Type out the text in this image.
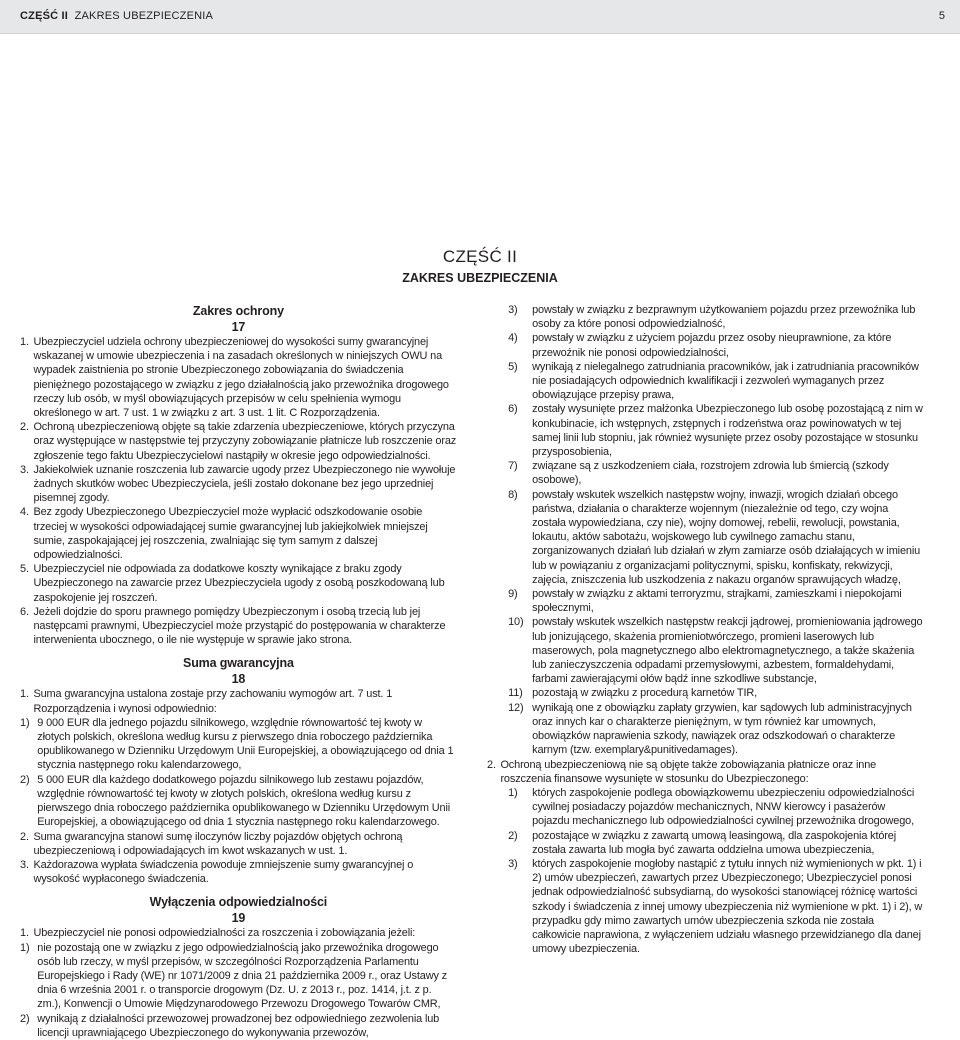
CZĘŚĆ II ZAKRES UBEZPIECZENIA	5
CZĘŚĆ II
ZAKRES UBEZPIECZENIA
Zakres ochrony
17
1. Ubezpieczyciel udziela ochrony ubezpieczeniowej do wysokości sumy gwarancyjnej wskazanej w umowie ubezpieczenia i na zasadach określonych w niniejszych OWU na wypadek zaistnienia po stronie Ubezpieczonego zobowiązania do świadczenia pieniężnego pozostającego w związku z jego działalnością jako przewoźnika drogowego rzeczy lub osób, w myśl obowiązujących przepisów w celu spełnienia wymogu określonego w art. 7 ust. 1 w związku z art. 3 ust. 1 lit. C Rozporządzenia.
2. Ochroną ubezpieczeniową objęte są takie zdarzenia ubezpieczeniowe, których przyczyna oraz występujące w następstwie tej przyczyny zobowiązanie płatnicze lub roszczenie oraz zgłoszenie tego faktu Ubezpieczycielowi nastąpiły w okresie jego odpowiedzialności.
3. Jakiekolwiek uznanie roszczenia lub zawarcie ugody przez Ubezpieczonego nie wywołuje żadnych skutków wobec Ubezpieczyciela, jeśli zostało dokonane bez jego uprzedniej pisemnej zgody.
4. Bez zgody Ubezpieczonego Ubezpieczyciel może wypłacić odszkodowanie osobie trzeciej w wysokości odpowiadającej sumie gwarancyjnej lub jakiejkolwiek mniejszej sumie, zaspokajającej jej roszczenia, zwalniając się tym samym z dalszej odpowiedzialności.
5. Ubezpieczyciel nie odpowiada za dodatkowe koszty wynikające z braku zgody Ubezpieczonego na zawarcie przez Ubezpieczyciela ugody z osobą poszkodowaną lub zaspokojenie jej roszczeń.
6. Jeżeli dojdzie do sporu prawnego pomiędzy Ubezpieczonym i osobą trzecią lub jej następcami prawnymi, Ubezpieczyciel może przystąpić do postępowania w charakterze interwenienta ubocznego, o ile nie występuje w sprawie jako strona.
Suma gwarancyjna
18
1. Suma gwarancyjna ustalona zostaje przy zachowaniu wymogów art. 7 ust. 1 Rozporządzenia i wynosi odpowiednio:
1) 9 000 EUR dla jednego pojazdu silnikowego, względnie równowartość tej kwoty w złotych polskich, określona według kursu z pierwszego dnia roboczego października opublikowanego w Dzienniku Urzędowym Unii Europejskiej, a obowiązującego od dnia 1 stycznia następnego roku kalendarzowego,
2) 5 000 EUR dla każdego dodatkowego pojazdu silnikowego lub zestawu pojazdów, względnie równowartość tej kwoty w złotych polskich, określona według kursu z pierwszego dnia roboczego października opublikowanego w Dzienniku Urzędowym Unii Europejskiej, a obowiązującego od dnia 1 stycznia następnego roku kalendarzowego.
2. Suma gwarancyjna stanowi sumę iloczynów liczby pojazdów objętych ochroną ubezpieczeniową i odpowiadających im kwot wskazanych w ust. 1.
3. Każdorazowa wypłata świadczenia powoduje zmniejszenie sumy gwarancyjnej o wysokość wypłaconego świadczenia.
Wyłączenia odpowiedzialności
19
1. Ubezpieczyciel nie ponosi odpowiedzialności za roszczenia i zobowiązania jeżeli:
1) nie pozostają one w związku z jego odpowiedzialnością jako przewoźnika drogowego osób lub rzeczy, w myśl przepisów, w szczególności Rozporządzenia Parlamentu Europejskiego i Rady (WE) nr 1071/2009 z dnia 21 października 2009 r., oraz Ustawy z dnia 6 września 2001 r. o transporcie drogowym (Dz. U. z 2013 r., poz. 1414, j.t. z p. zm.), Konwencji o Umowie Międzynarodowego Przewozu Drogowego Towarów CMR,
2) wynikają z działalności przewozowej prowadzonej bez odpowiedniego zezwolenia lub licencji uprawniającego Ubezpieczonego do wykonywania przewozów,
3)	powstały w związku z bezprawnym użytkowaniem pojazdu przez przewoźnika lub osoby za które ponosi odpowiedzialność,
4)	powstały w związku z użyciem pojazdu przez osoby nieuprawnione, za które przewoźnik nie ponosi odpowiedzialności,
5)	wynikają z nielegalnego zatrudniania pracowników, jak i zatrudniania pracowników nie posiadających odpowiednich kwalifikacji i zezwoleń wymaganych przez obowiązujące przepisy prawa,
6)	zostały wysunięte przez małżonka Ubezpieczonego lub osobę pozostającą z nim w konkubinacie, ich wstępnych, zstępnych i rodzeństwa oraz powinowatych w tej samej linii lub stopniu, jak również wysunięte przez osoby pozostające w stosunku przysposobienia,
7)	związane są z uszkodzeniem ciała, rozstrojem zdrowia lub śmiercią (szkody osobowe),
8)	powstały wskutek wszelkich następstw wojny, inwazji, wrogich działań obcego państwa, działania o charakterze wojennym (niezależnie od tego, czy wojna została wypowiedziana, czy nie), wojny domowej, rebelii, rewolucji, powstania, lokautu, aktów sabotażu, wojskowego lub cywilnego zamachu stanu, zorganizowanych działań lub działań w złym zamiarze osób działających w imieniu lub w powiązaniu z organizacjami politycznymi, spisku, konfiskaty, rekwizycji, zajęcia, zniszczenia lub uszkodzenia z nakazu organów sprawujących władzę,
9)	powstały w związku z aktami terroryzmu, strajkami, zamieszkami i niepokojami społecznymi,
10) powstały wskutek wszelkich następstw reakcji jądrowej, promieniowania jądrowego lub jonizującego, skażenia promieniotwórczego, promieni laserowych lub maserowych, pola magnetycznego albo elektromagnetycznego, a także skażenia lub zanieczyszczenia odpadami przemysłowymi, azbestem, formaldehydami, farbami zawierającymi ołów bądź inne szkodliwe substancje,
11) pozostają w związku z procedurą karnetów TIR,
12) wynikają one z obowiązku zapłaty grzywien, kar sądowych lub administracyjnych oraz innych kar o charakterze pieniężnym, w tym również kar umownych, obowiązków naprawienia szkody, nawiązek oraz odszkodowań o charakterze karnym (tzw. exemplary&punitivedamages).
2. Ochroną ubezpieczeniową nie są objęte także zobowiązania płatnicze oraz inne roszczenia finansowe wysunięte w stosunku do Ubezpieczonego:
1)	których zaspokojenie podlega obowiązkowemu ubezpieczeniu odpowiedzialności cywilnej posiadaczy pojazdów mechanicznych, NNW kierowcy i pasażerów pojazdu mechanicznego lub odpowiedzialności cywilnej przewoźnika drogowego,
2)	pozostające w związku z zawartą umową leasingową, dla zaspokojenia której została zawarta lub mogła być zawarta oddzielna umowa ubezpieczenia,
3)	których zaspokojenie mogłoby nastąpić z tytułu innych niż wymienionych w pkt. 1) i 2) umów ubezpieczeń, zawartych przez Ubezpieczonego; Ubezpieczyciel ponosi jednak odpowiedzialność subsydiarną, do wysokości stanowiącej różnicę wartości szkody i świadczenia z innej umowy ubezpieczenia niż wymienione w pkt. 1) i 2), w przypadku gdy mimo zawartych umów ubezpieczenia szkoda nie została całkowicie naprawiona, z wyłączeniem udziału własnego przewidzianego dla danej umowy ubezpieczenia.
